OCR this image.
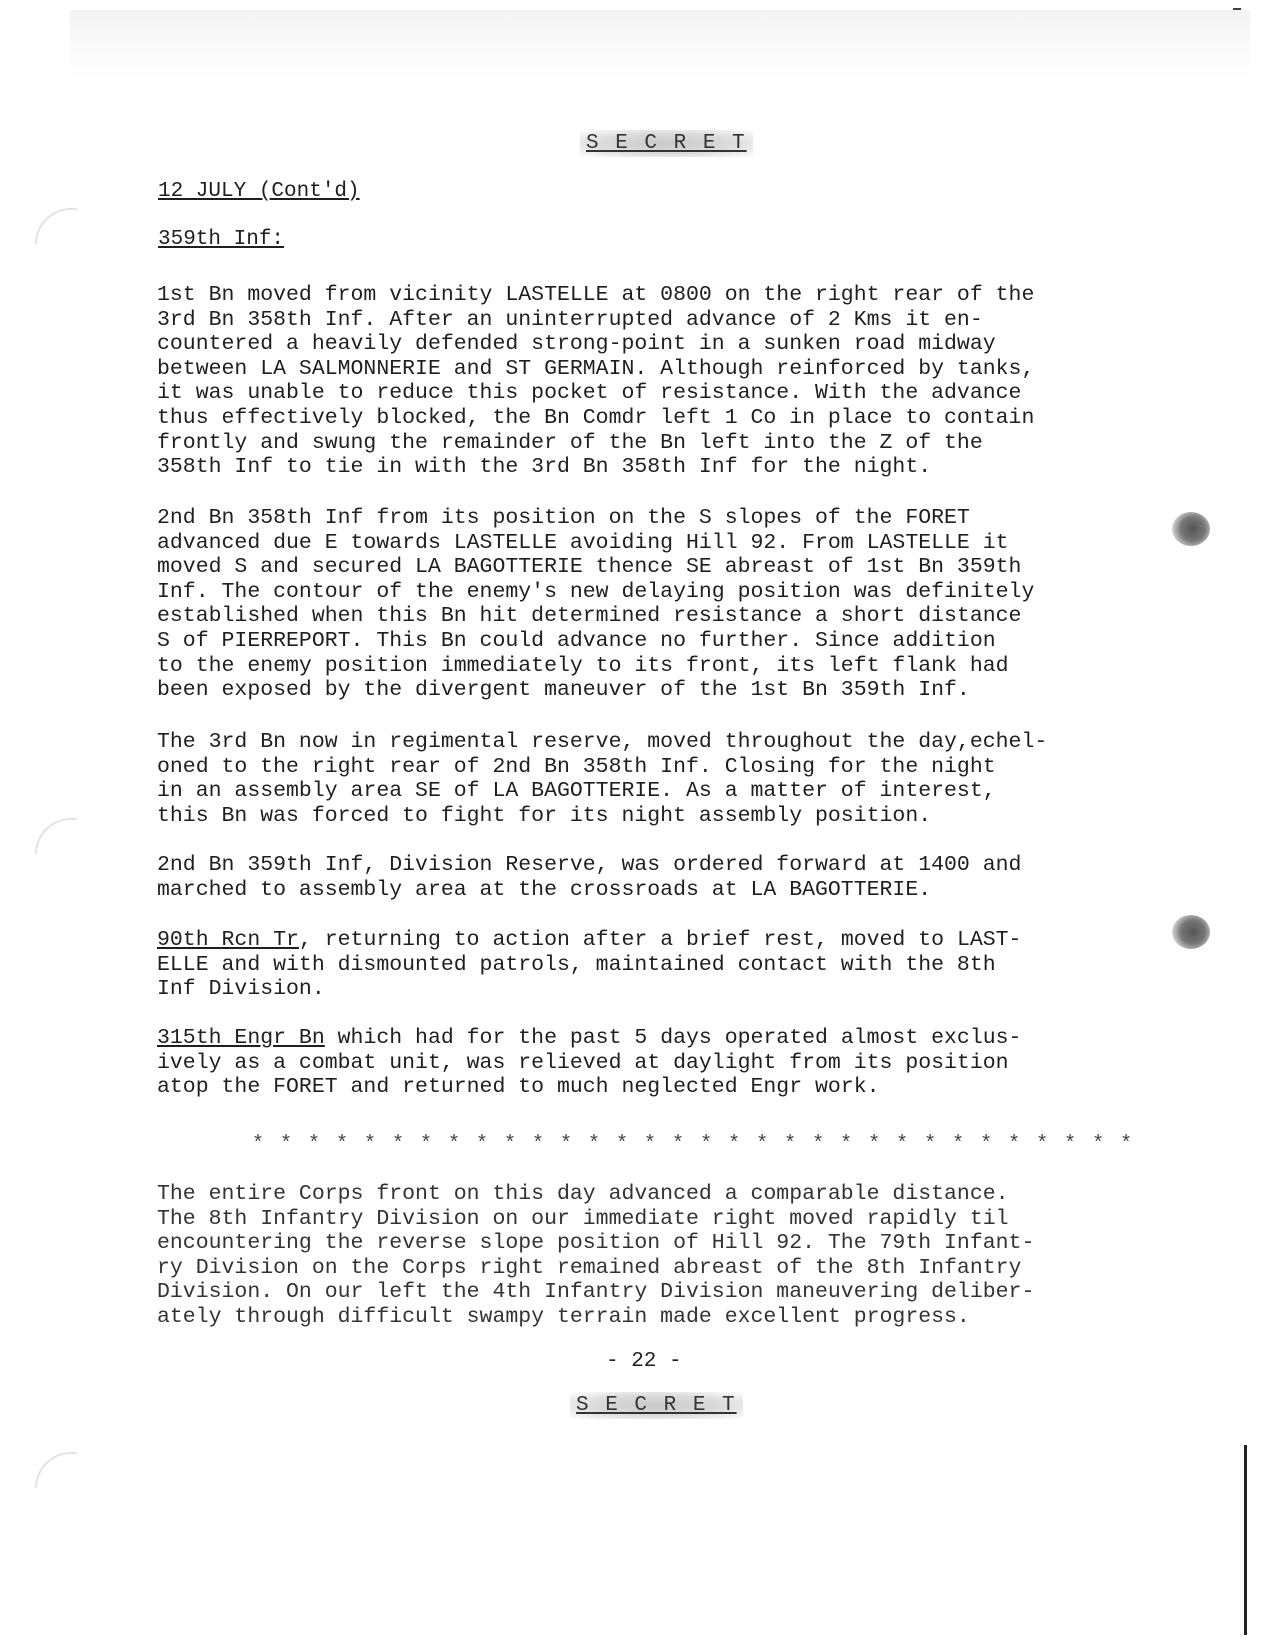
S E C R E T
12 JULY (Cont'd)
359th Inf:
1st Bn moved from vicinity LASTELLE at 0800 on the right rear of the
3rd Bn 358th Inf. After an uninterrupted advance of 2 Kms it en-
countered a heavily defended strong-point in a sunken road midway
between LA SALMONNERIE and ST GERMAIN. Although reinforced by tanks,
it was unable to reduce this pocket of resistance. With the advance
thus effectively blocked, the Bn Comdr left 1 Co in place to contain
frontly and swung the remainder of the Bn left into the Z of the
358th Inf to tie in with the 3rd Bn 358th Inf for the night.
2nd Bn 358th Inf from its position on the S slopes of the FORET
advanced due E towards LASTELLE avoiding Hill 92. From LASTELLE it
moved S and secured LA BAGOTTERIE thence SE abreast of 1st Bn 359th
Inf. The contour of the enemy's new delaying position was definitely
established when this Bn hit determined resistance a short distance
S of PIERREPORT. This Bn could advance no further. Since addition
to the enemy position immediately to its front, its left flank had
been exposed by the divergent maneuver of the 1st Bn 359th Inf.
The 3rd Bn now in regimental reserve, moved throughout the day,echel-
oned to the right rear of 2nd Bn 358th Inf. Closing for the night
in an assembly area SE of LA BAGOTTERIE. As a matter of interest,
this Bn was forced to fight for its night assembly position.
2nd Bn 359th Inf, Division Reserve, was ordered forward at 1400 and
marched to assembly area at the crossroads at LA BAGOTTERIE.
90th Rcn Tr, returning to action after a brief rest, moved to LAST-
ELLE and with dismounted patrols, maintained contact with the 8th
Inf Division.
315th Engr Bn which had for the past 5 days operated almost exclus-
ively as a combat unit, was relieved at daylight from its position
atop the FORET and returned to much neglected Engr work.
* * * * * * * * * * * * * * * * * * * * * * * * * * * * * * * *
The entire Corps front on this day advanced a comparable distance.
The 8th Infantry Division on our immediate right moved rapidly til
encountering the reverse slope position of Hill 92. The 79th Infant-
ry Division on the Corps right remained abreast of the 8th Infantry
Division. On our left the 4th Infantry Division maneuvering deliber-
ately through difficult swampy terrain made excellent progress.
- 22 -
S E C R E T
